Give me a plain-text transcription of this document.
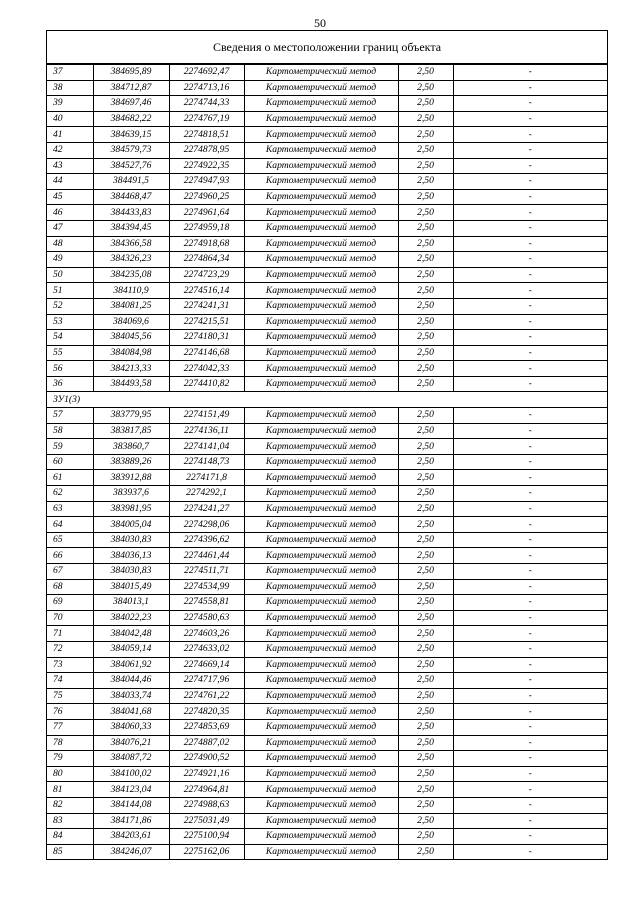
50
Сведения о местоположении границ объекта
37	384695,89	2274692,47	Картометрический метод	2,50	-
38	384712,87	2274713,16	Картометрический метод	2,50	-
39	384697,46	2274744,33	Картометрический метод	2,50	-
40	384682,22	2274767,19	Картометрический метод	2,50	-
41	384639,15	2274818,51	Картометрический метод	2,50	-
42	384579,73	2274878,95	Картометрический метод	2,50	-
43	384527,76	2274922,35	Картометрический метод	2,50	-
44	384491,5	2274947,93	Картометрический метод	2,50	-
45	384468,47	2274960,25	Картометрический метод	2,50	-
46	384433,83	2274961,64	Картометрический метод	2,50	-
47	384394,45	2274959,18	Картометрический метод	2,50	-
48	384366,58	2274918,68	Картометрический метод	2,50	-
49	384326,23	2274864,34	Картометрический метод	2,50	-
50	384235,08	2274723,29	Картометрический метод	2,50	-
51	384110,9	2274516,14	Картометрический метод	2,50	-
52	384081,25	2274241,31	Картометрический метод	2,50	-
53	384069,6	2274215,51	Картометрический метод	2,50	-
54	384045,56	2274180,31	Картометрический метод	2,50	-
55	384084,98	2274146,68	Картометрический метод	2,50	-
56	384213,33	2274042,33	Картометрический метод	2,50	-
36	384493,58	2274410,82	Картометрический метод	2,50	-
ЗУ1(3)					
57	383779,95	2274151,49	Картометрический метод	2,50	-
58	383817,85	2274136,11	Картометрический метод	2,50	-
59	383860,7	2274141,04	Картометрический метод	2,50	-
60	383889,26	2274148,73	Картометрический метод	2,50	-
61	383912,88	2274171,8	Картометрический метод	2,50	-
62	383937,6	2274292,1	Картометрический метод	2,50	-
63	383981,95	2274241,27	Картометрический метод	2,50	-
64	384005,04	2274298,06	Картометрический метод	2,50	-
65	384030,83	2274396,62	Картометрический метод	2,50	-
66	384036,13	2274461,44	Картометрический метод	2,50	-
67	384030,83	2274511,71	Картометрический метод	2,50	-
68	384015,49	2274534,99	Картометрический метод	2,50	-
69	384013,1	2274558,81	Картометрический метод	2,50	-
70	384022,23	2274580,63	Картометрический метод	2,50	-
71	384042,48	2274603,26	Картометрический метод	2,50	-
72	384059,14	2274633,02	Картометрический метод	2,50	-
73	384061,92	2274669,14	Картометрический метод	2,50	-
74	384044,46	2274717,96	Картометрический метод	2,50	-
75	384033,74	2274761,22	Картометрический метод	2,50	-
76	384041,68	2274820,35	Картометрический метод	2,50	-
77	384060,33	2274853,69	Картометрический метод	2,50	-
78	384076,21	2274887,02	Картометрический метод	2,50	-
79	384087,72	2274900,52	Картометрический метод	2,50	-
80	384100,02	2274921,16	Картометрический метод	2,50	-
81	384123,04	2274964,81	Картометрический метод	2,50	-
82	384144,08	2274988,63	Картометрический метод	2,50	-
83	384171,86	2275031,49	Картометрический метод	2,50	-
84	384203,61	2275100,94	Картометрический метод	2,50	-
85	384246,07	2275162,06	Картометрический метод	2,50	-
